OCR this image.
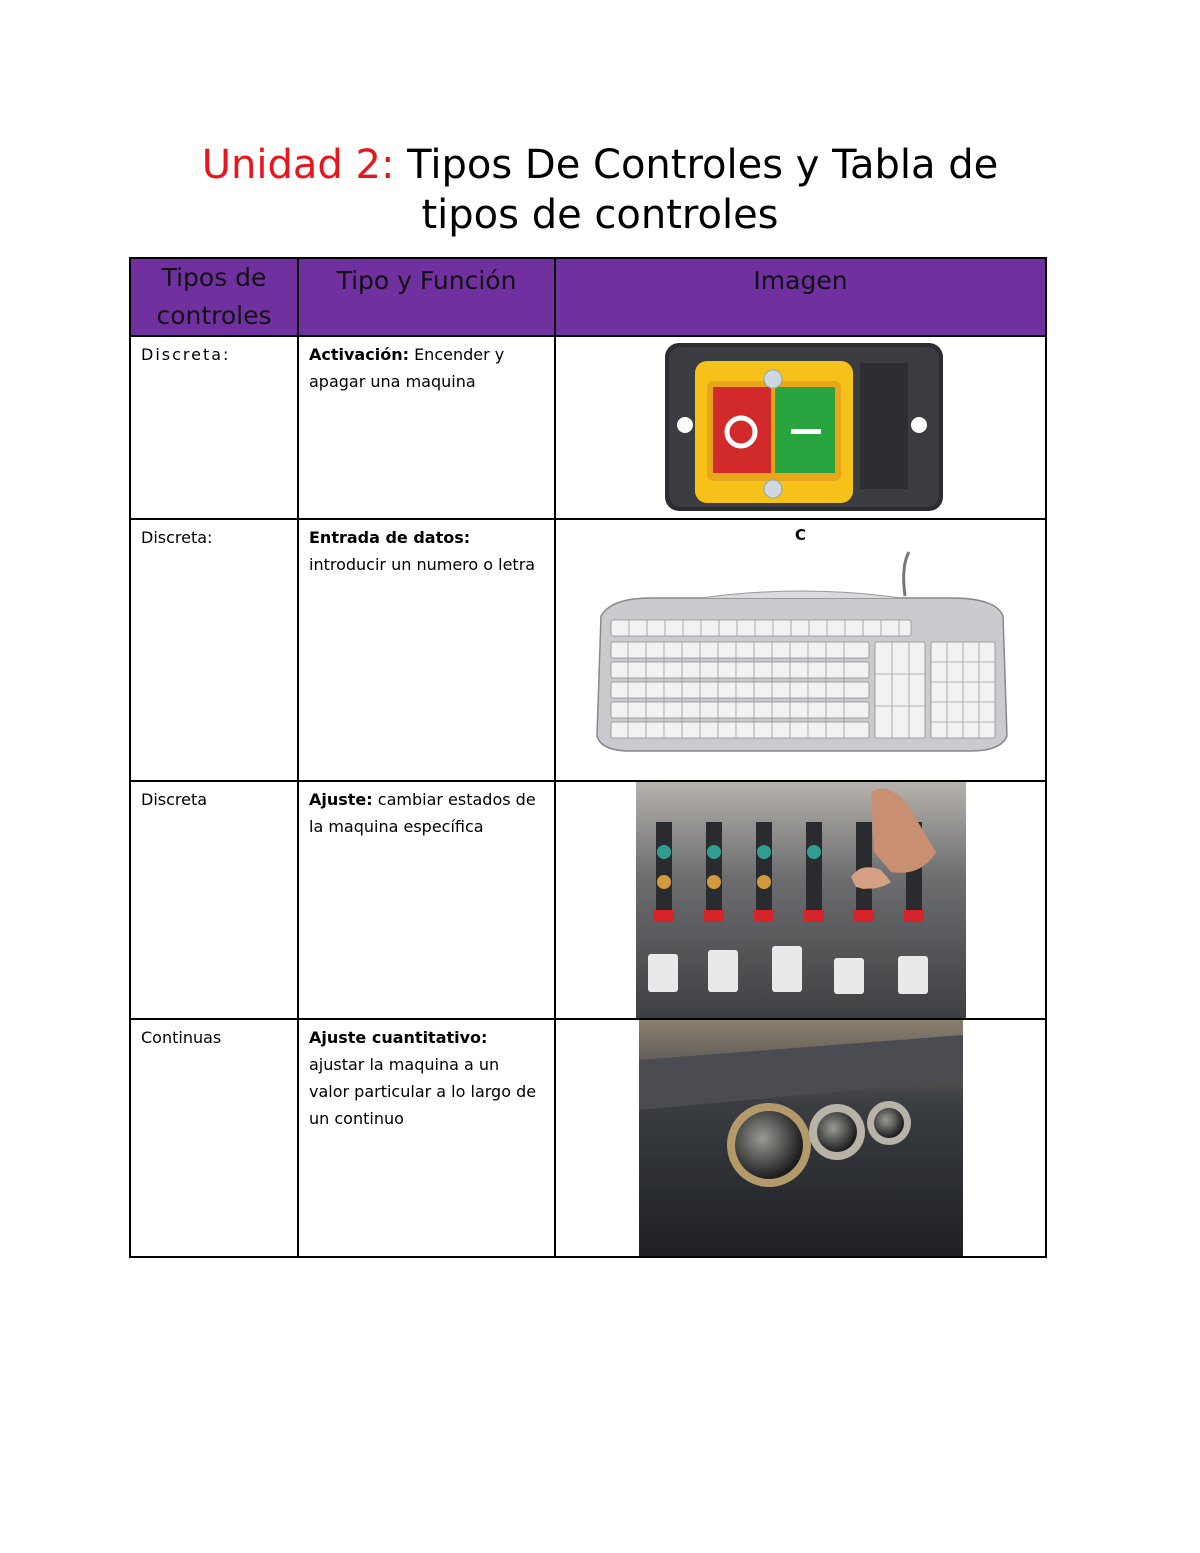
Unidad 2: Tipos De Controles y Tabla de
tipos de controles
Tipos de controles	Tipo y Función	Imagen

Discreta:	Activación: Encender y apagar una maquina

Discreta:	Entrada de datos: introducir un numero o letra	C

Discreta	Ajuste: cambiar estados de la maquina específica

Continuas	Ajuste cuantitativo: ajustar la maquina a un valor particular a lo largo de un continuo
